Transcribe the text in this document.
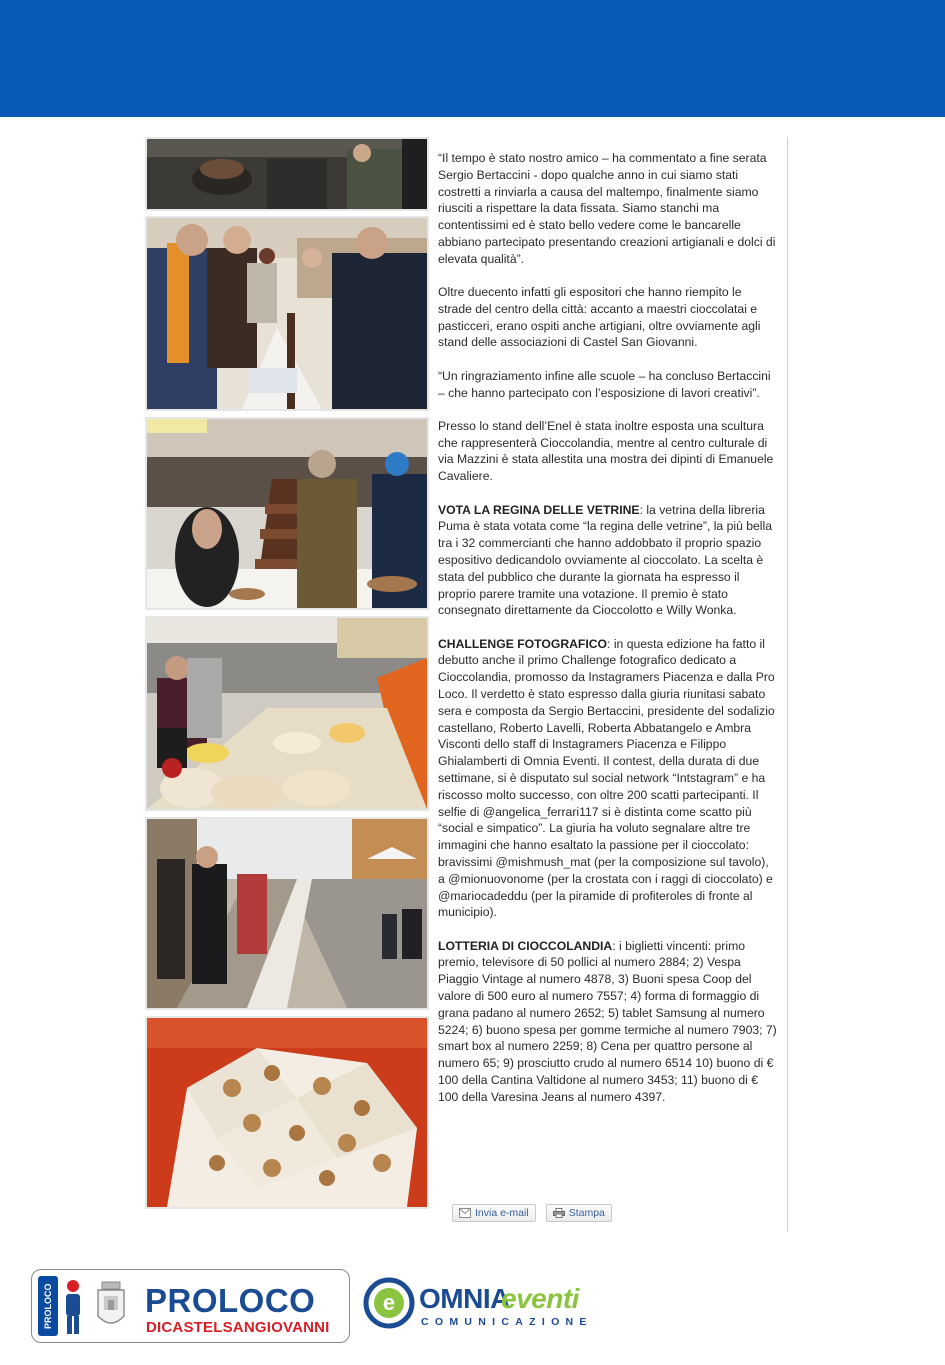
“Il tempo è stato nostro amico – ha commentato a fine serata Sergio Bertaccini - dopo qualche anno in cui siamo stati costretti a rinviarla a causa del maltempo, finalmente siamo riusciti a rispettare la data fissata. Siamo stanchi ma contentissimi ed è stato bello vedere come le bancarelle abbiano partecipato presentando creazioni artigianali e dolci di elevata qualità”.

Oltre duecento infatti gli espositori che hanno riempito le strade del centro della città: accanto a maestri cioccolatai e pasticceri, erano ospiti anche artigiani, oltre ovviamente agli stand delle associazioni di Castel San Giovanni.

“Un ringraziamento infine alle scuole – ha concluso Bertaccini – che hanno partecipato con l’esposizione di lavori creativi”.

Presso lo stand dell’Enel è stata inoltre esposta una scultura che rappresenterà Cioccolandia, mentre al centro culturale di via Mazzini è stata allestita una mostra dei dipinti di Emanuele Cavaliere.

VOTA LA REGINA DELLE VETRINE: la vetrina della libreria Puma è stata votata come “la regina delle vetrine”, la più bella tra i 32 commercianti che hanno addobbato il proprio spazio espositivo dedicandolo ovviamente al cioccolato. La scelta è stata del pubblico che durante la giornata ha espresso il proprio parere tramite una votazione. Il premio è stato consegnato direttamente da Cioccolotto e Willy Wonka.

CHALLENGE FOTOGRAFICO: in questa edizione ha fatto il debutto anche il primo Challenge fotografico dedicato a Cioccolandia, promosso da Instagramers Piacenza e dalla Pro Loco. Il verdetto è stato espresso dalla giuria riunitasi sabato sera e composta da Sergio Bertaccini, presidente del sodalizio castellano, Roberto Lavelli, Roberta Abbatangelo e Ambra Visconti dello staff di Instagramers Piacenza e Filippo Ghialamberti di Omnia Eventi. Il contest, della durata di due settimane, si è disputato sul social network “Intstagram” e ha riscosso molto successo, con oltre 200 scatti partecipanti. Il selfie di @angelica_ferrari117 si è distinta come scatto più “social e simpatico”. La giuria ha voluto segnalare altre tre immagini che hanno esaltato la passione per il cioccolato: bravissimi @mishmush_mat (per la composizione sul tavolo), a @mionuovonome (per la crostata con i raggi di cioccolato) e @mariocadeddu (per la piramide di profiteroles di fronte al municipio).

LOTTERIA DI CIOCCOLANDIA: i biglietti vincenti: primo premio, televisore di 50 pollici al numero 2884; 2) Vespa Piaggio Vintage al numero 4878, 3) Buoni spesa Coop del valore di 500 euro al numero 7557; 4) forma di formaggio di grana padano al numero 2652; 5) tablet Samsung al numero 5224; 6) buono spesa per gomme termiche al numero 7903; 7) smart box al numero 2259; 8) Cena per quattro persone al numero 65; 9) prosciutto crudo al numero 6514 10) buono di € 100 della Cantina Valtidone al numero 3453; 11) buono di € 100 della Varesina Jeans al numero 4397.

Invia e-mail	Stampa
PROLOCO	PROLOCO
DICASTELSANGIOVANNI
e OMNIA
eventi
COMUNICAZIONE
